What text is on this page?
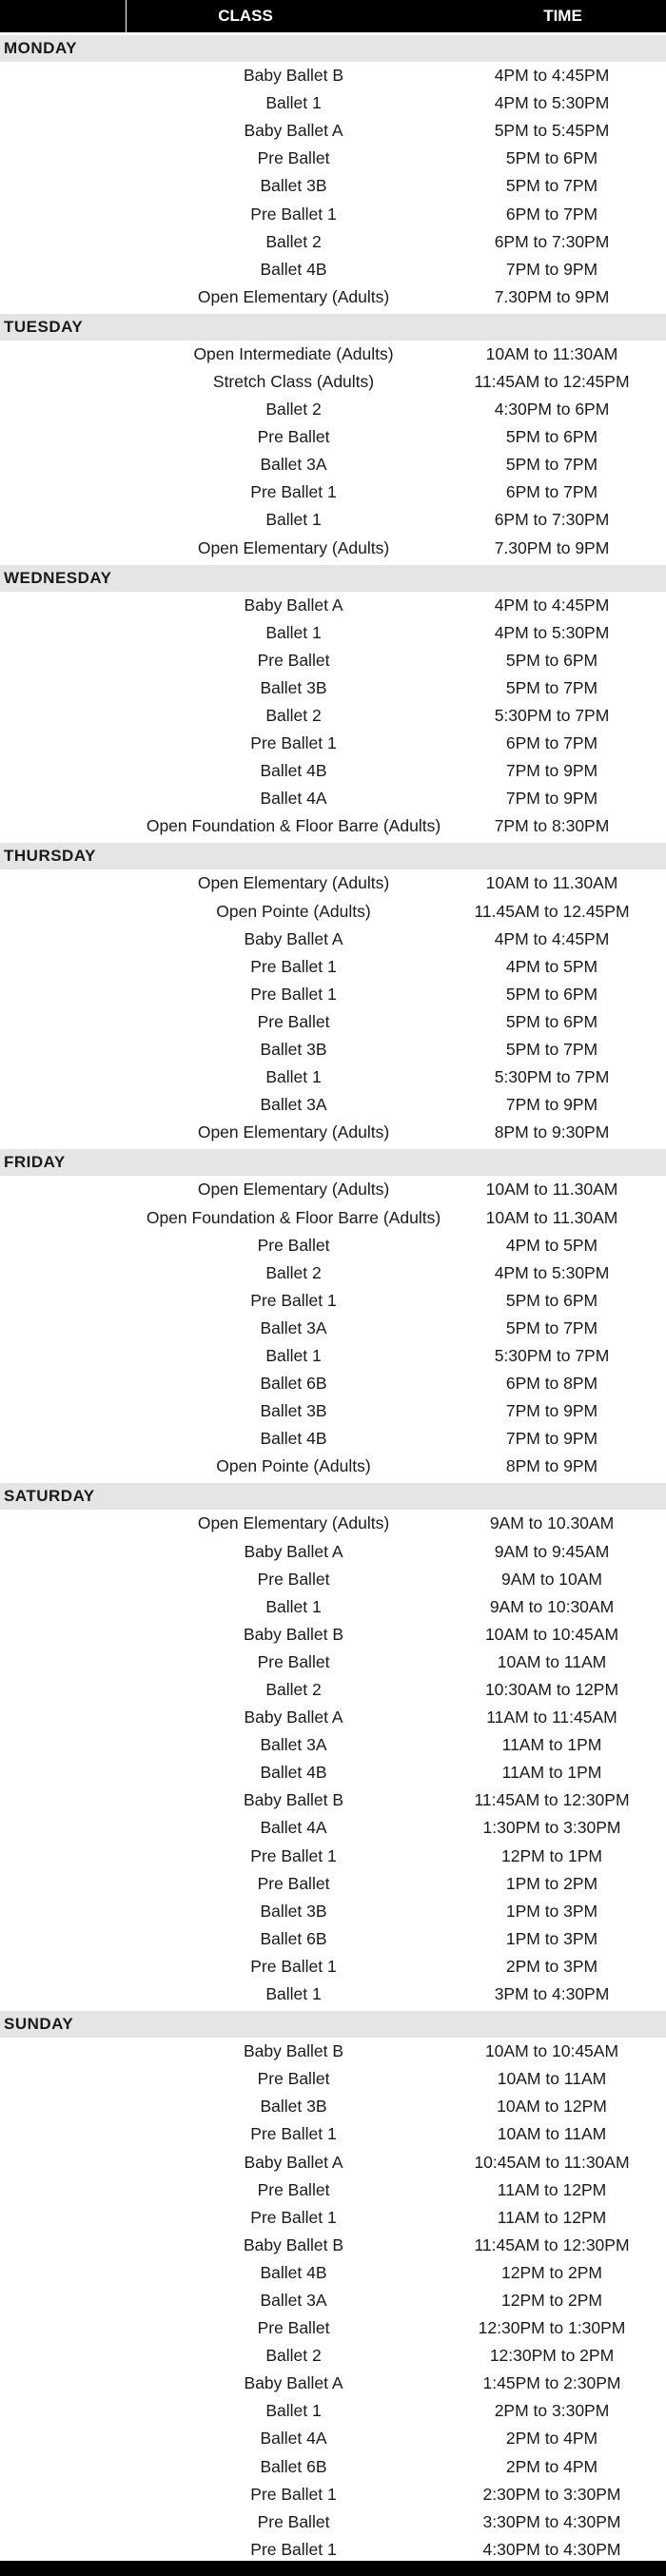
CLASS	TIME
MONDAY
Baby Ballet B	4PM to 4:45PM
Ballet 1	4PM to 5:30PM
Baby Ballet A	5PM to 5:45PM
Pre Ballet	5PM to 6PM
Ballet 3B	5PM to 7PM
Pre Ballet 1	6PM to 7PM
Ballet 2	6PM to 7:30PM
Ballet 4B	7PM to 9PM
Open Elementary (Adults)	7.30PM to 9PM
TUESDAY
Open Intermediate (Adults)	10AM to 11:30AM
Stretch Class (Adults)	11:45AM to 12:45PM
Ballet 2	4:30PM to 6PM
Pre Ballet	5PM to 6PM
Ballet 3A	5PM to 7PM
Pre Ballet 1	6PM to 7PM
Ballet 1	6PM to 7:30PM
Open Elementary (Adults)	7.30PM to 9PM
WEDNESDAY
Baby Ballet A	4PM to 4:45PM
Ballet 1	4PM to 5:30PM
Pre Ballet	5PM to 6PM
Ballet 3B	5PM to 7PM
Ballet 2	5:30PM to 7PM
Pre Ballet 1	6PM to 7PM
Ballet 4B	7PM to 9PM
Ballet 4A	7PM to 9PM
Open Foundation & Floor Barre (Adults)	7PM to 8:30PM
THURSDAY
Open Elementary (Adults)	10AM to 11.30AM
Open Pointe (Adults)	11.45AM to 12.45PM
Baby Ballet A	4PM to 4:45PM
Pre Ballet 1	4PM to 5PM
Pre Ballet 1	5PM to 6PM
Pre Ballet	5PM to 6PM
Ballet 3B	5PM to 7PM
Ballet 1	5:30PM to 7PM
Ballet 3A	7PM to 9PM
Open Elementary (Adults)	8PM to 9:30PM
FRIDAY
Open Elementary (Adults)	10AM to 11.30AM
Open Foundation & Floor Barre (Adults)	10AM to 11.30AM
Pre Ballet	4PM to 5PM
Ballet 2	4PM to 5:30PM
Pre Ballet 1	5PM to 6PM
Ballet 3A	5PM to 7PM
Ballet 1	5:30PM to 7PM
Ballet 6B	6PM to 8PM
Ballet 3B	7PM to 9PM
Ballet 4B	7PM to 9PM
Open Pointe (Adults)	8PM to 9PM
SATURDAY
Open Elementary (Adults)	9AM to 10.30AM
Baby Ballet A	9AM to 9:45AM
Pre Ballet	9AM to 10AM
Ballet 1	9AM to 10:30AM
Baby Ballet B	10AM to 10:45AM
Pre Ballet	10AM to 11AM
Ballet 2	10:30AM to 12PM
Baby Ballet A	11AM to 11:45AM
Ballet 3A	11AM to 1PM
Ballet 4B	11AM to 1PM
Baby Ballet B	11:45AM to 12:30PM
Ballet 4A	1:30PM to 3:30PM
Pre Ballet 1	12PM to 1PM
Pre Ballet	1PM to 2PM
Ballet 3B	1PM to 3PM
Ballet 6B	1PM to 3PM
Pre Ballet 1	2PM to 3PM
Ballet 1	3PM to 4:30PM
SUNDAY
Baby Ballet B	10AM to 10:45AM
Pre Ballet	10AM to 11AM
Ballet 3B	10AM to 12PM
Pre Ballet 1	10AM to 11AM
Baby Ballet A	10:45AM to 11:30AM
Pre Ballet	11AM to 12PM
Pre Ballet 1	11AM to 12PM
Baby Ballet B	11:45AM to 12:30PM
Ballet 4B	12PM to 2PM
Ballet 3A	12PM to 2PM
Pre Ballet	12:30PM to 1:30PM
Ballet 2	12:30PM to 2PM
Baby Ballet A	1:45PM to 2:30PM
Ballet 1	2PM to 3:30PM
Ballet 4A	2PM to 4PM
Ballet 6B	2PM to 4PM
Pre Ballet 1	2:30PM to 3:30PM
Pre Ballet	3:30PM to 4:30PM
Pre Ballet 1	4:30PM to 4:30PM
